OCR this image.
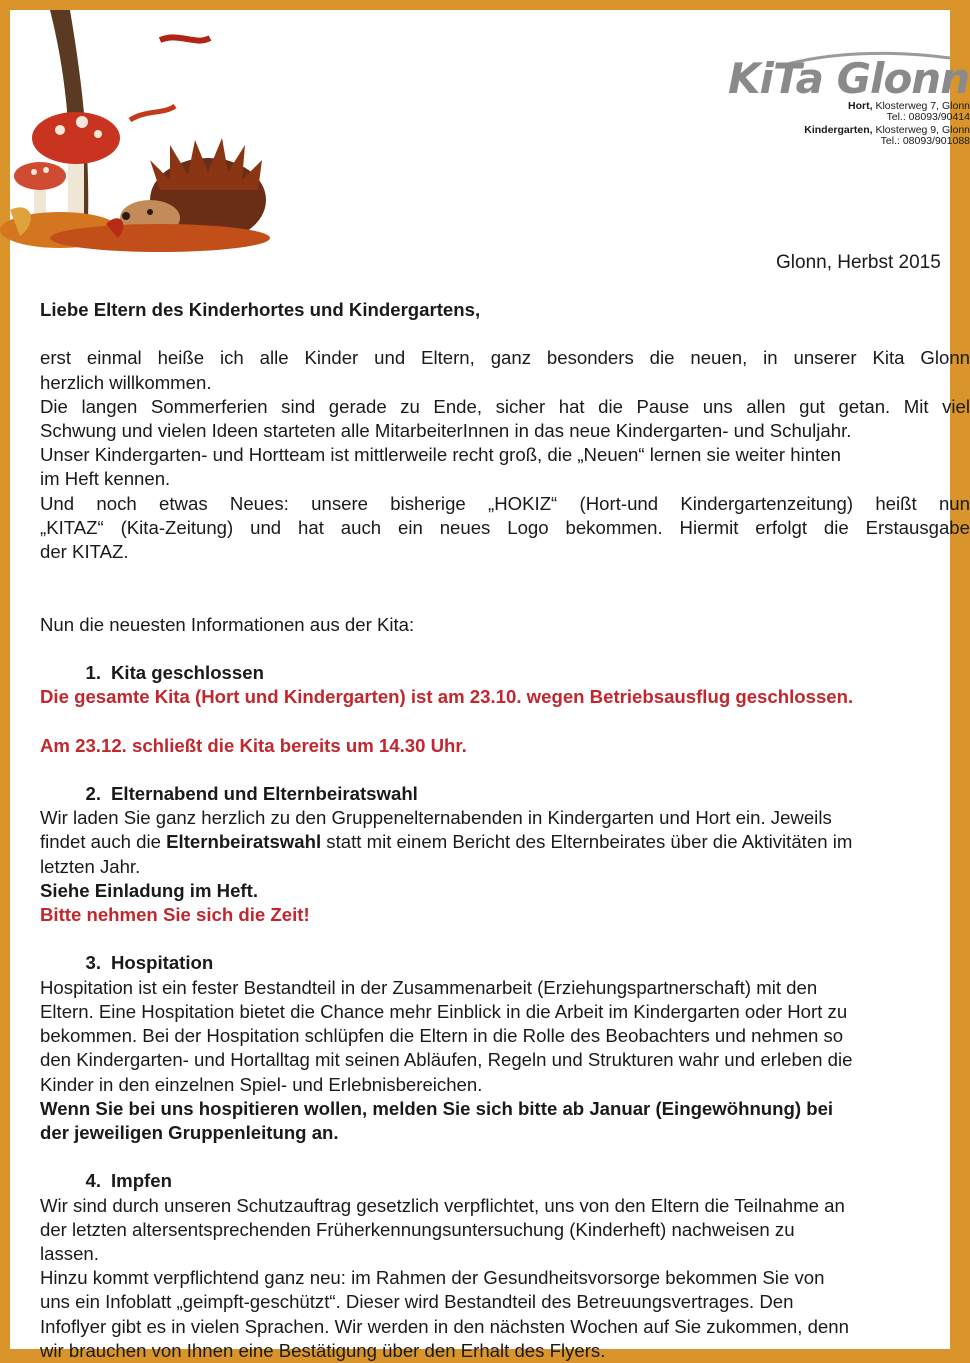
KiTa Glonn
Hort, Klosterweg 7, Glonn
Tel.: 08093/90414
Kindergarten, Klosterweg 9, Glonn
Tel.: 08093/901088
Glonn, Herbst 2015

Liebe Eltern des Kinderhortes und Kindergartens,

erst einmal heiße ich alle Kinder und Eltern, ganz besonders die neuen, in unserer Kita Glonn

herzlich willkommen.

Die langen Sommerferien sind gerade zu Ende, sicher hat die Pause uns allen gut getan. Mit viel

Schwung und vielen Ideen starteten alle MitarbeiterInnen in das neue Kindergarten- und Schuljahr.

Unser Kindergarten- und Hortteam ist mittlerweile recht groß, die „Neuen“ lernen sie weiter hinten

im Heft kennen.

Und noch etwas Neues: unsere bisherige „HOKIZ“ (Hort-und Kindergartenzeitung) heißt nun

„KITAZ“ (Kita-Zeitung) und hat auch ein neues Logo bekommen. Hiermit erfolgt die Erstausgabe

der KITAZ.

Nun die neuesten Informationen aus der Kita:

1. Kita geschlossen

Die gesamte Kita (Hort und Kindergarten) ist am 23.10. wegen Betriebsausflug geschlossen.

Am 23.12. schließt die Kita bereits um 14.30 Uhr.

2. Elternabend und Elternbeiratswahl

Wir laden Sie ganz herzlich zu den Gruppenelternabenden in Kindergarten und Hort ein. Jeweils

findet auch die Elternbeiratswahl statt mit einem Bericht des Elternbeirates über die Aktivitäten im

letzten Jahr.

Siehe Einladung im Heft.

Bitte nehmen Sie sich die Zeit!

3. Hospitation

Hospitation ist ein fester Bestandteil in der Zusammenarbeit (Erziehungspartnerschaft) mit den

Eltern. Eine Hospitation bietet die Chance mehr Einblick in die Arbeit im Kindergarten oder Hort zu

bekommen. Bei der Hospitation schlüpfen die Eltern in die Rolle des Beobachters und nehmen so

den Kindergarten- und Hortalltag mit seinen Abläufen, Regeln und Strukturen wahr und erleben die

Kinder in den einzelnen Spiel- und Erlebnisbereichen.

Wenn Sie bei uns hospitieren wollen, melden Sie sich bitte ab Januar (Eingewöhnung) bei

der jeweiligen Gruppenleitung an.

4. Impfen

Wir sind durch unseren Schutzauftrag gesetzlich verpflichtet, uns von den Eltern die Teilnahme an

der letzten altersentsprechenden Früherkennungsuntersuchung (Kinderheft) nachweisen zu

lassen.

Hinzu kommt verpflichtend ganz neu: im Rahmen der Gesundheitsvorsorge bekommen Sie von

uns ein Infoblatt „geimpft-geschützt“. Dieser wird Bestandteil des Betreuungsvertrages. Den

Infoflyer gibt es in vielen Sprachen. Wir werden in den nächsten Wochen auf Sie zukommen, denn

wir brauchen von Ihnen eine Bestätigung über den Erhalt des Flyers.
